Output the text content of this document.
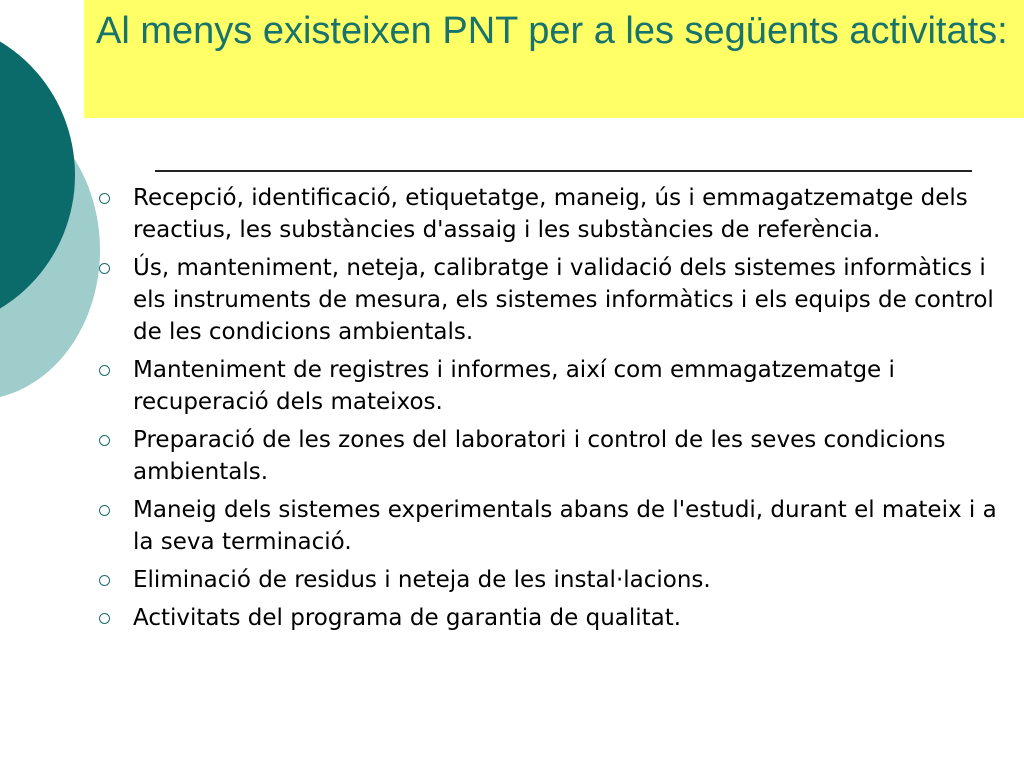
Al menys existeixen PNT per a les següents activitats:
Recepció, identificació, etiquetatge, maneig, ús i emmagatzematge dels reactius, les substàncies d'assaig i les substàncies de referència.
Ús, manteniment, neteja, calibratge i validació dels sistemes informàtics i els instruments de mesura, els sistemes informàtics i els equips de control de les condicions ambientals.
Manteniment de registres i informes, així com emmagatzematge i recuperació dels mateixos.
Preparació de les zones del laboratori i control de les seves condicions ambientals.
Maneig dels sistemes experimentals abans de l'estudi, durant el mateix i a la seva terminació.
Eliminació de residus i neteja de les instal·lacions.
Activitats del programa de garantia de qualitat.
